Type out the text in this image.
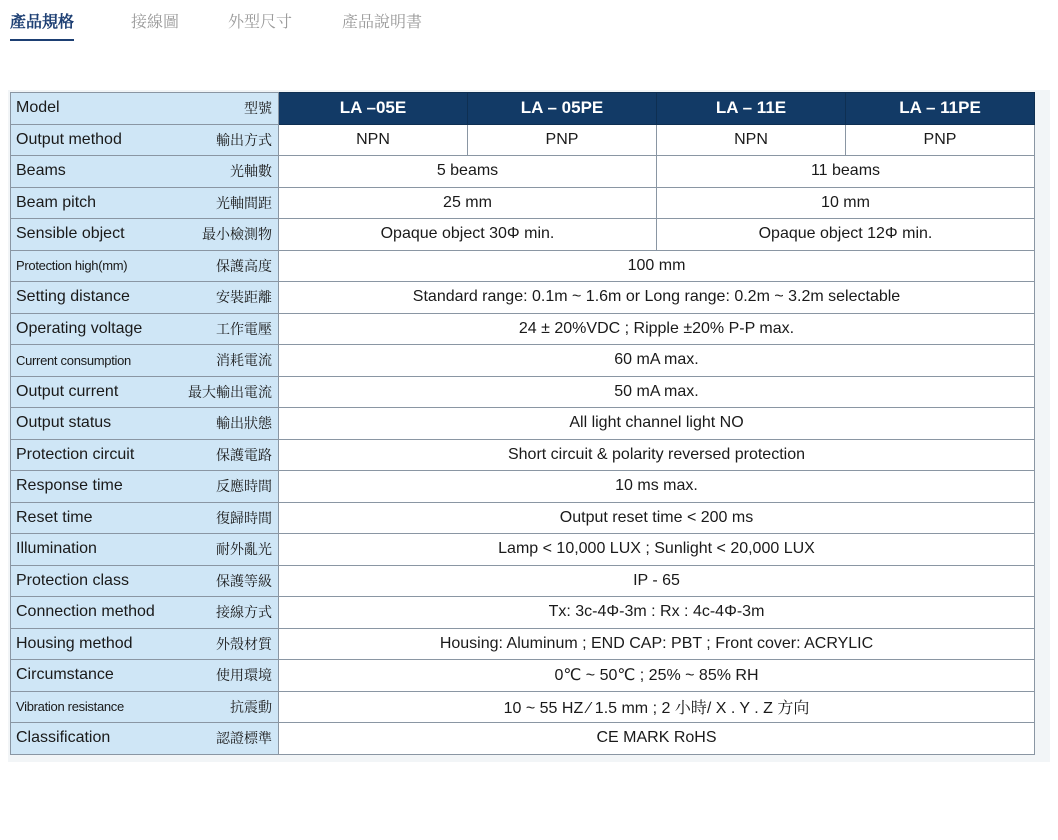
產品規格	接線圖	外型尺寸	產品說明書
Model 型號	LA –05E	LA – 05PE	LA – 11E	LA – 11PE

Output method 輸出方式	NPN	PNP	NPN	PNP

Beams 光軸數	5 beams		11 beams	

Beam pitch 光軸間距	25 mm		10 mm	

Sensible object 最小檢測物	Opaque object 30Φ min.		Opaque object 12Φ min.	

Protection high(mm) 保護高度	100 mm			

Setting distance 安裝距離	Standard range: 0.1m ~ 1.6m or Long range: 0.2m ~ 3.2m selectable			

Operating voltage 工作電壓	24 ± 20%VDC ; Ripple ±20% P-P max.			

Current consumption 消耗電流	60 mA max.			

Output current 最大輸出電流	50 mA max.			

Output status 輸出狀態	All light channel light NO			

Protection circuit 保護電路	Short circuit & polarity reversed protection			

Response time 反應時間	10 ms max.			

Reset time 復歸時間	Output reset time < 200 ms			

Illumination 耐外亂光	Lamp < 10,000 LUX ; Sunlight < 20,000 LUX			

Protection class 保護等級	IP - 65			

Connection method 接線方式	Tx: 3c-4Φ-3m : Rx : 4c-4Φ-3m			

Housing method 外殼材質	Housing: Aluminum ; END CAP: PBT ; Front cover: ACRYLIC			

Circumstance 使用環境	0℃ ~ 50℃ ; 25% ~ 85% RH			

Vibration resistance 抗震動	10 ~ 55 HZ ⁄ 1.5 mm ; 2 小時/ X . Y . Z 方向			

Classification 認證標準	CE MARK RoHS			
